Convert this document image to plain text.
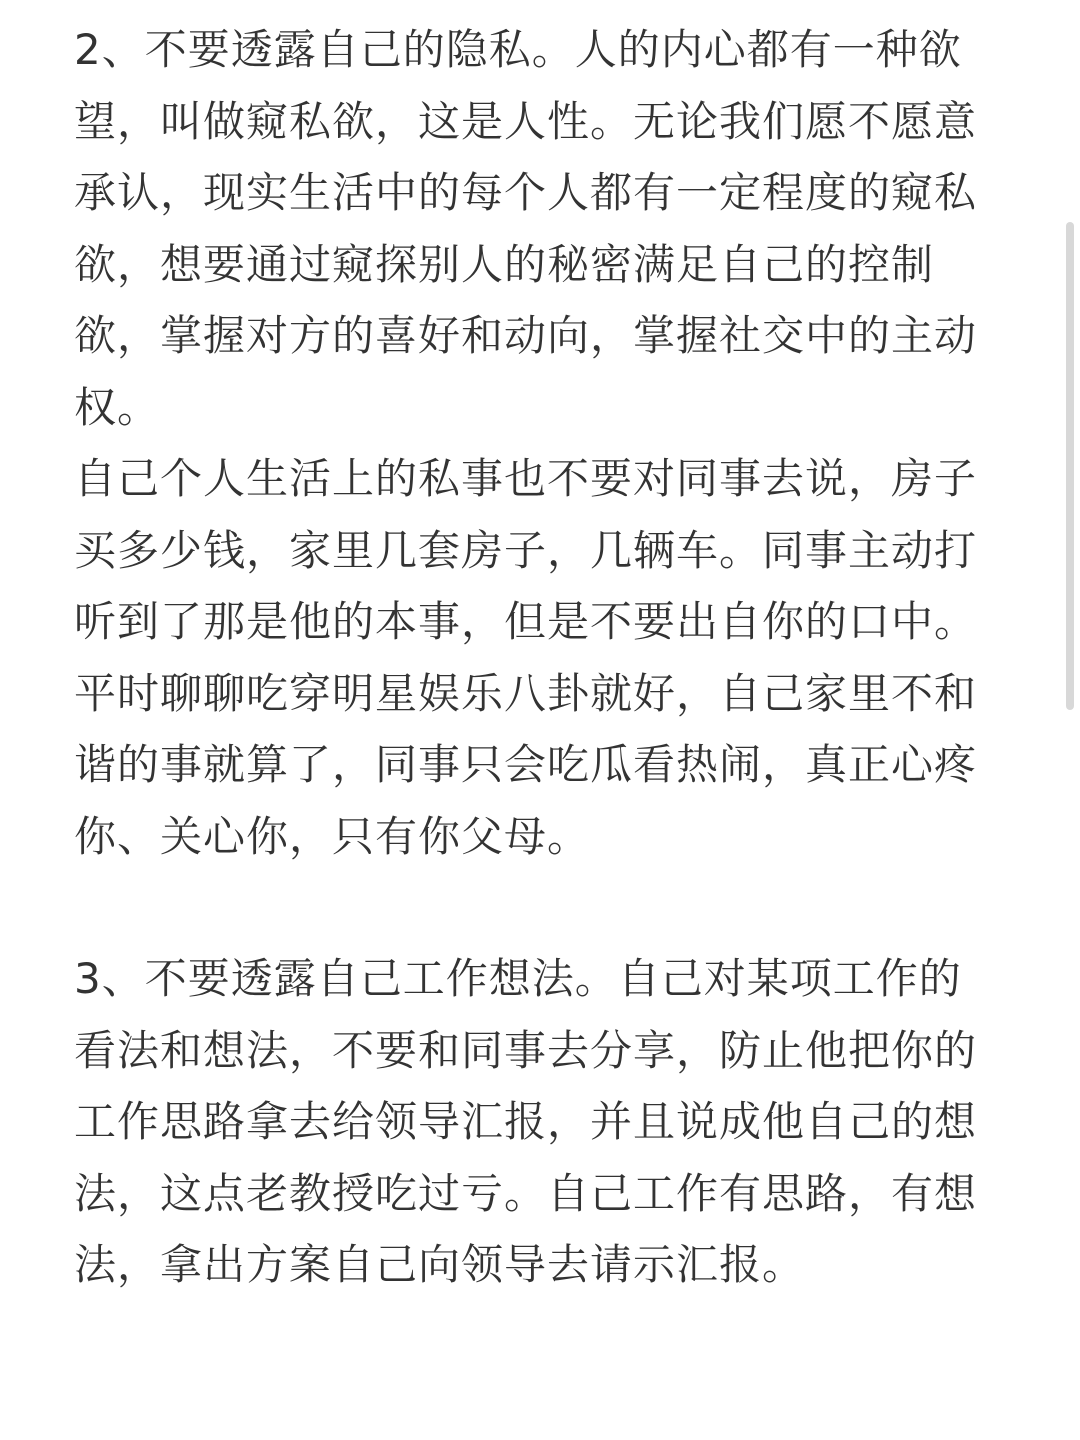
2、不要透露自己的隐私。人的内心都有一种欲望，叫做窥私欲，这是人性。无论我们愿不愿意承认，现实生活中的每个人都有一定程度的窥私欲，想要通过窥探别人的秘密满足自己的控制欲，掌握对方的喜好和动向，掌握社交中的主动权。

自己个人生活上的私事也不要对同事去说，房子买多少钱，家里几套房子，几辆车。同事主动打听到了那是他的本事，但是不要出自你的口中。

平时聊聊吃穿明星娱乐八卦就好，自己家里不和谐的事就算了，同事只会吃瓜看热闹，真正心疼你、关心你，只有你父母。

3、不要透露自己工作想法。自己对某项工作的看法和想法，不要和同事去分享，防止他把你的工作思路拿去给领导汇报，并且说成他自己的想法，这点老教授吃过亏。自己工作有思路，有想法，拿出方案自己向领导去请示汇报。
